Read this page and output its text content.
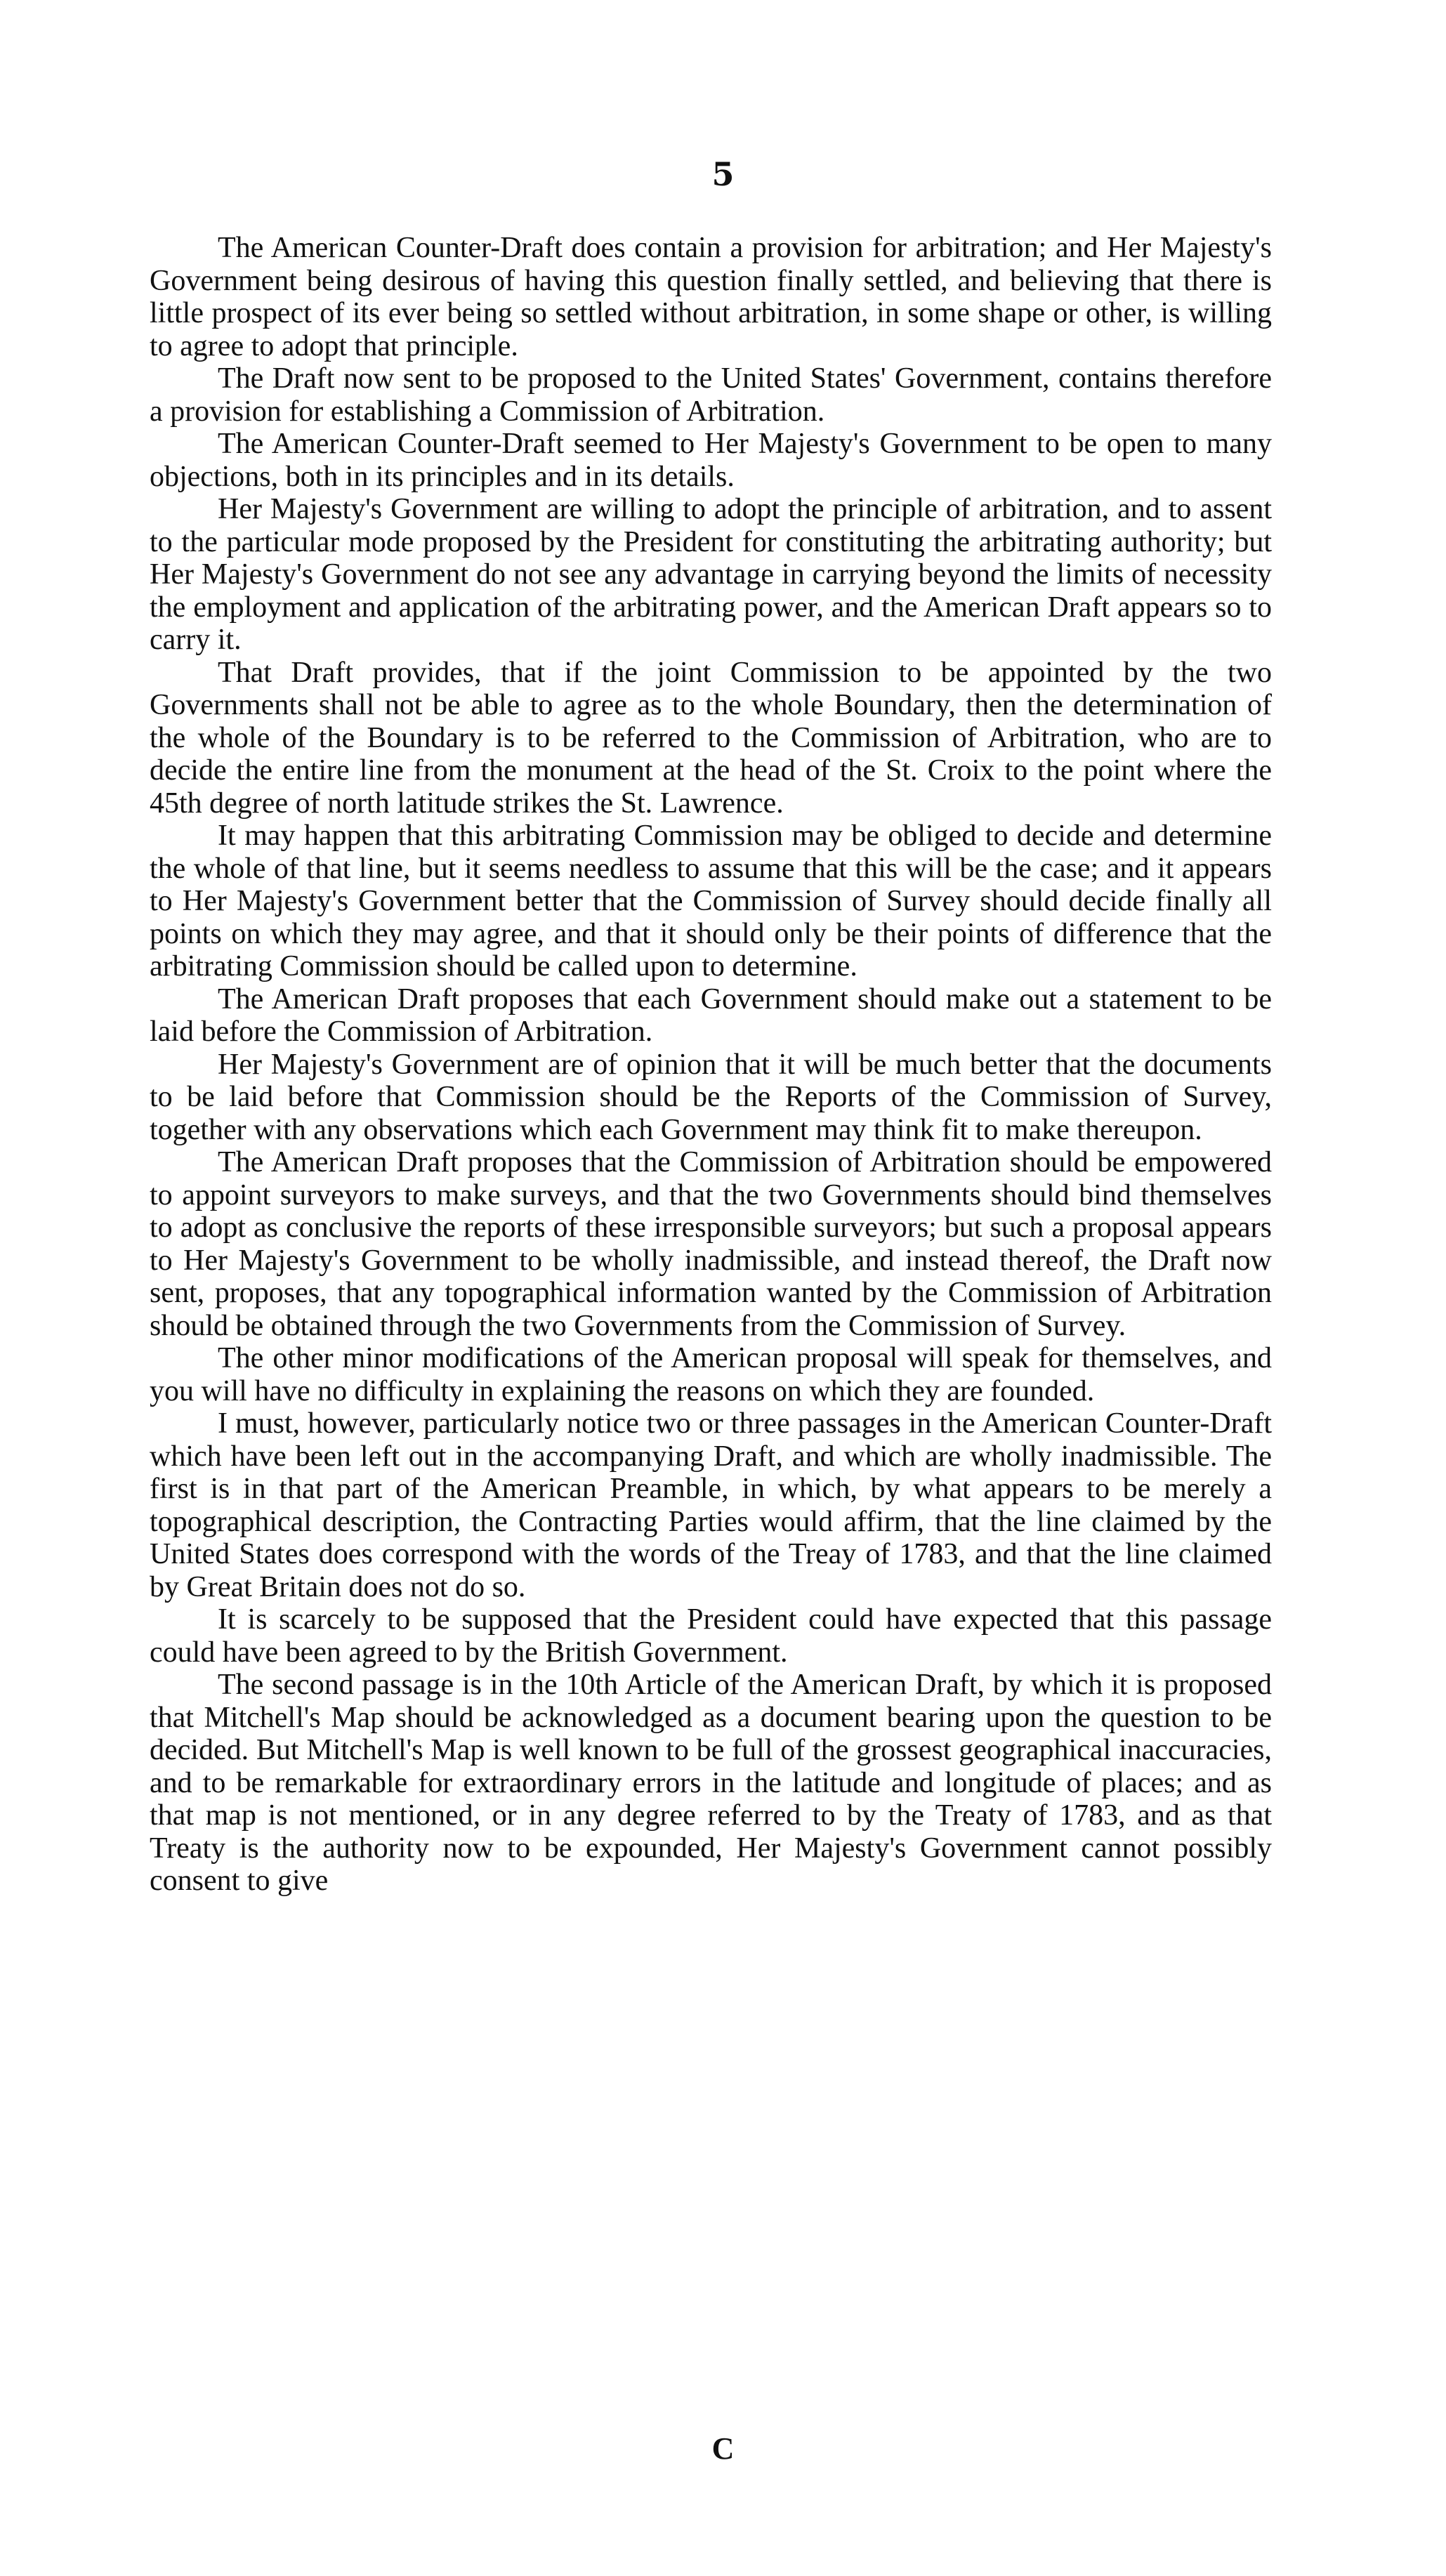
5

The American Counter-Draft does contain a provision for arbitration; and Her Majesty's Government being desirous of having this question finally settled, and believing that there is little prospect of its ever being so settled without arbitration, in some shape or other, is willing to agree to adopt that principle.

The Draft now sent to be proposed to the United States' Government, contains therefore a provision for establishing a Commission of Arbitration.

The American Counter-Draft seemed to Her Majesty's Government to be open to many objections, both in its principles and in its details.

Her Majesty's Government are willing to adopt the principle of arbitration, and to assent to the particular mode proposed by the President for constituting the arbitrating authority; but Her Majesty's Government do not see any advantage in carrying beyond the limits of necessity the employment and application of the arbitrating power, and the American Draft appears so to carry it.

That Draft provides, that if the joint Commission to be appointed by the two Governments shall not be able to agree as to the whole Boundary, then the determination of the whole of the Boundary is to be referred to the Commission of Arbitration, who are to decide the entire line from the monument at the head of the St. Croix to the point where the 45th degree of north latitude strikes the St. Lawrence.

It may happen that this arbitrating Commission may be obliged to decide and determine the whole of that line, but it seems needless to assume that this will be the case; and it appears to Her Majesty's Government better that the Commission of Survey should decide finally all points on which they may agree, and that it should only be their points of difference that the arbitrating Commission should be called upon to determine.

The American Draft proposes that each Government should make out a statement to be laid before the Commission of Arbitration.

Her Majesty's Government are of opinion that it will be much better that the documents to be laid before that Commission should be the Reports of the Commission of Survey, together with any observations which each Government may think fit to make thereupon.

The American Draft proposes that the Commission of Arbitration should be empowered to appoint surveyors to make surveys, and that the two Governments should bind themselves to adopt as conclusive the reports of these irresponsible surveyors; but such a proposal appears to Her Majesty's Government to be wholly inadmissible, and instead thereof, the Draft now sent, proposes, that any topographical information wanted by the Commission of Arbitration should be obtained through the two Governments from the Commission of Survey.

The other minor modifications of the American proposal will speak for themselves, and you will have no difficulty in explaining the reasons on which they are founded.

I must, however, particularly notice two or three passages in the American Counter-Draft which have been left out in the accompanying Draft, and which are wholly inadmissible. The first is in that part of the American Preamble, in which, by what appears to be merely a topographical description, the Contracting Parties would affirm, that the line claimed by the United States does correspond with the words of the Treay of 1783, and that the line claimed by Great Britain does not do so.

It is scarcely to be supposed that the President could have expected that this passage could have been agreed to by the British Government.

The second passage is in the 10th Article of the American Draft, by which it is proposed that Mitchell's Map should be acknowledged as a document bearing upon the question to be decided. But Mitchell's Map is well known to be full of the grossest geographical inaccuracies, and to be remarkable for extraordinary errors in the latitude and longitude of places; and as that map is not mentioned, or in any degree referred to by the Treaty of 1783, and as that Treaty is the authority now to be expounded, Her Majesty's Government cannot possibly consent to give

C
